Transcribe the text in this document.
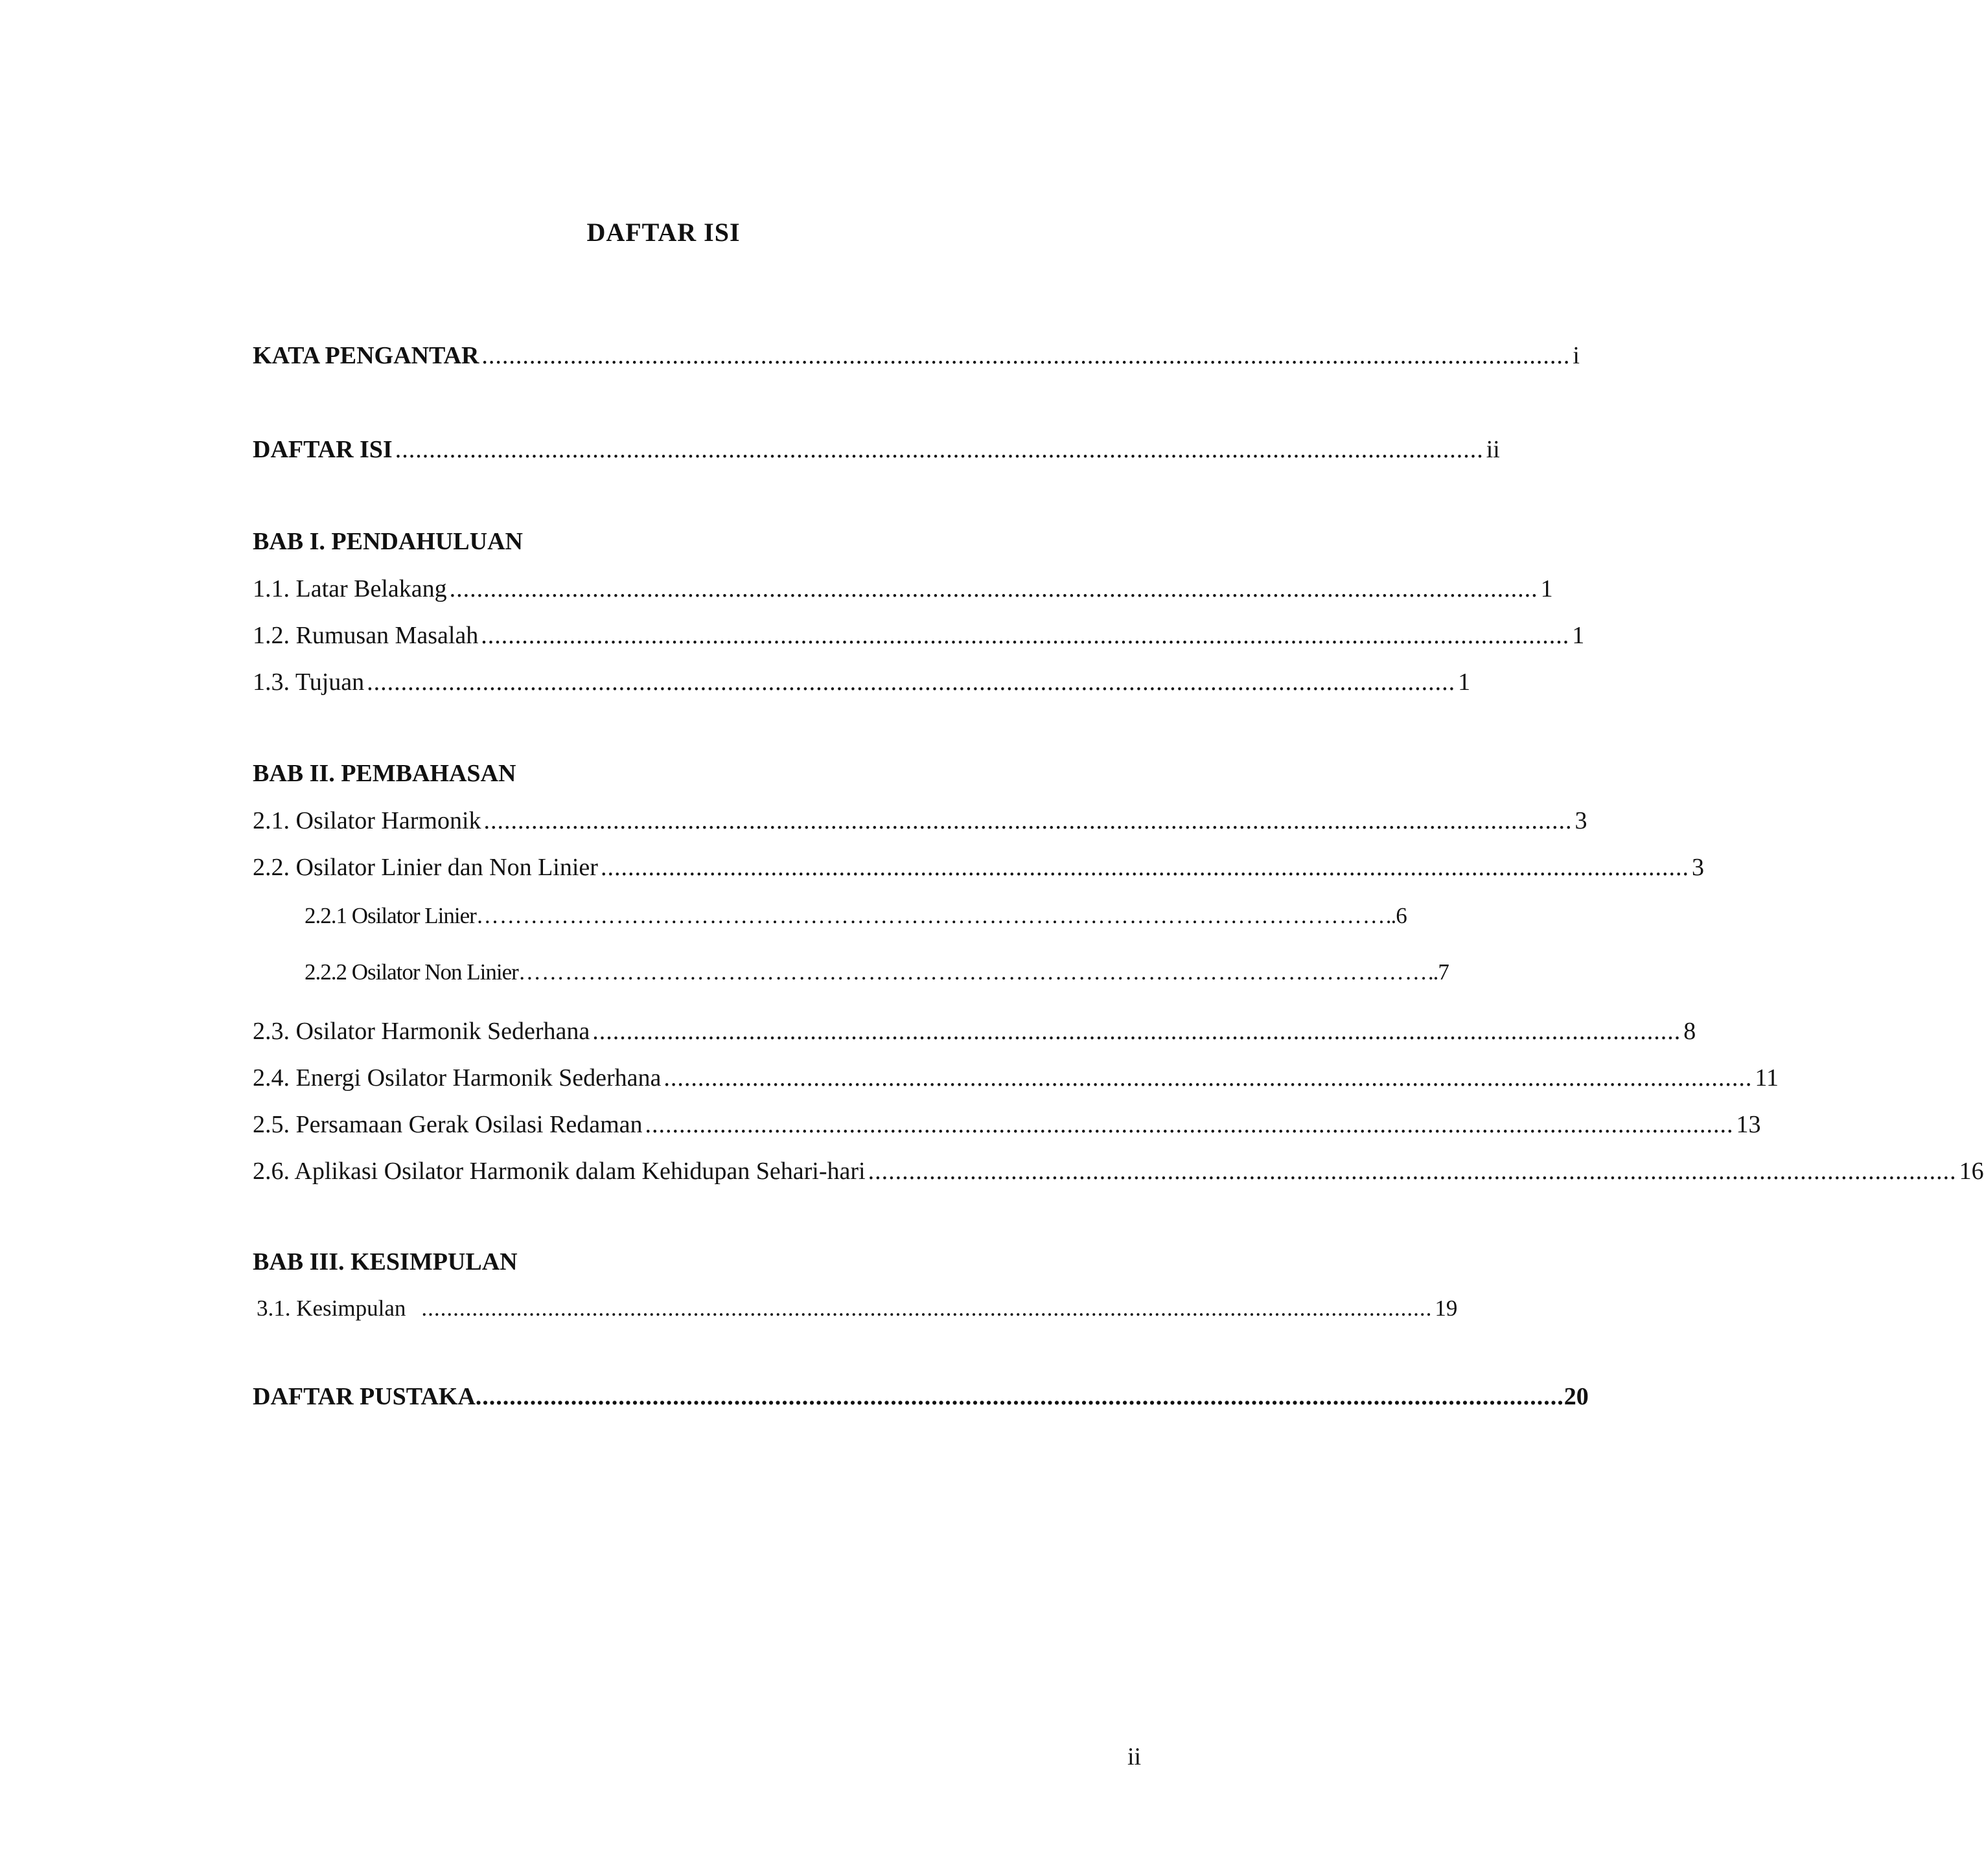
DAFTAR ISI
KATA PENGANTAR ................................................................................................................................................................ i
DAFTAR ISI ................................................................................................................................................................ ii
BAB I. PENDAHULUAN
1.1. Latar Belakang ................................................................................................................................................................ 1
1.2. Rumusan Masalah ................................................................................................................................................................ 1
1.3. Tujuan ................................................................................................................................................................ 1
BAB II. PEMBAHASAN
2.1. Osilator Harmonik ................................................................................................................................................................ 3
2.2. Osilator Linier dan Non Linier ................................................................................................................................................................ 3
2.2.1 Osilator Linier ……………………………………………………………………………………………………… ..6
2.2.2 Osilator Non Linier ……………………………………………………………………………………………………… ..7
2.3. Osilator Harmonik Sederhana ................................................................................................................................................................ 8
2.4. Energi Osilator Harmonik Sederhana ................................................................................................................................................................ 11
2.5. Persamaan Gerak Osilasi Redaman ................................................................................................................................................................ 13
2.6. Aplikasi Osilator Harmonik dalam Kehidupan Sehari-hari ................................................................................................................................................................ 16
BAB III. KESIMPULAN
3.1. Kesimpulan ................................................................................................................................................................ 19
DAFTAR PUSTAKA ................................................................................................................................................................ 20
ii
